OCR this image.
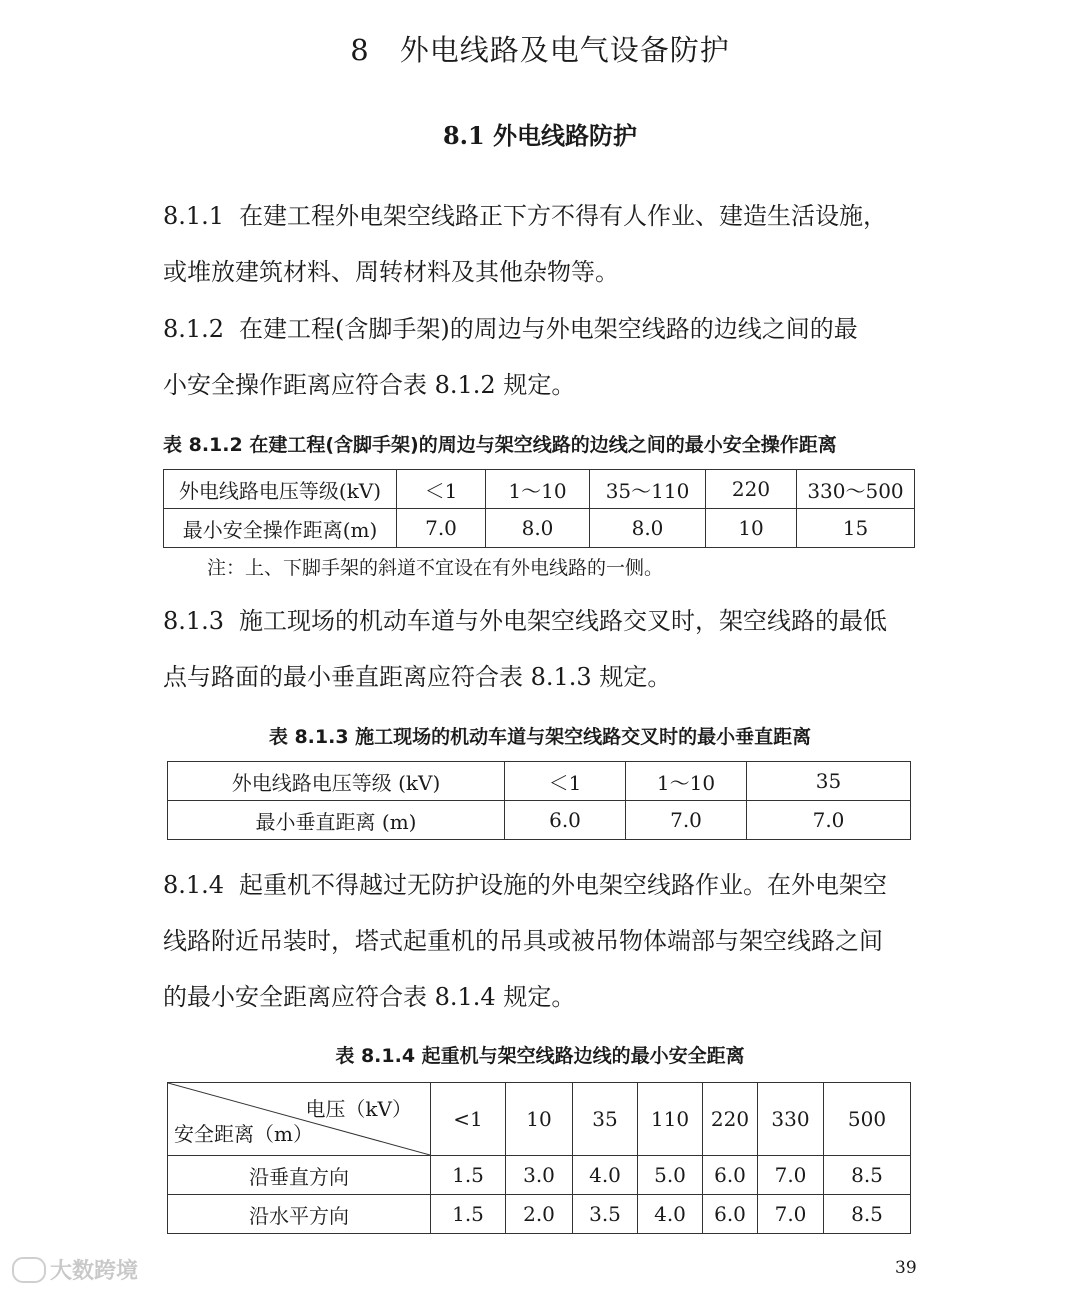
8　外电线路及电气设备防护
8.1 外电线路防护
8.1.1 在建工程外电架空线路正下方不得有人作业、建造生活设施，
或堆放建筑材料、周转材料及其他杂物等。
8.1.2 在建工程(含脚手架)的周边与外电架空线路的边线之间的最
小安全操作距离应符合表 8.1.2 规定。
表 8.1.2 在建工程(含脚手架)的周边与架空线路的边线之间的最小安全操作距离
外电线路电压等级(kV)	＜1	1～10	35～110	220	330～500
最小安全操作距离(m)	7.0	8.0	8.0	10	15
注：上、下脚手架的斜道不宜设在有外电线路的一侧。
8.1.3 施工现场的机动车道与外电架空线路交叉时，架空线路的最低
点与路面的最小垂直距离应符合表 8.1.3 规定。
表 8.1.3 施工现场的机动车道与架空线路交叉时的最小垂直距离
外电线路电压等级 (kV)	＜1	1～10	35
最小垂直距离 (m)	6.0	7.0	7.0
8.1.4 起重机不得越过无防护设施的外电架空线路作业。在外电架空
线路附近吊装时，塔式起重机的吊具或被吊物体端部与架空线路之间
的最小安全距离应符合表 8.1.4 规定。
表 8.1.4 起重机与架空线路边线的最小安全距离
电压（kV）
安全距离（m）	<1	10	35	110	220	330	500
沿垂直方向	1.5	3.0	4.0	5.0	6.0	7.0	8.5
沿水平方向	1.5	2.0	3.5	4.0	6.0	7.0	8.5
大数跨境	39
